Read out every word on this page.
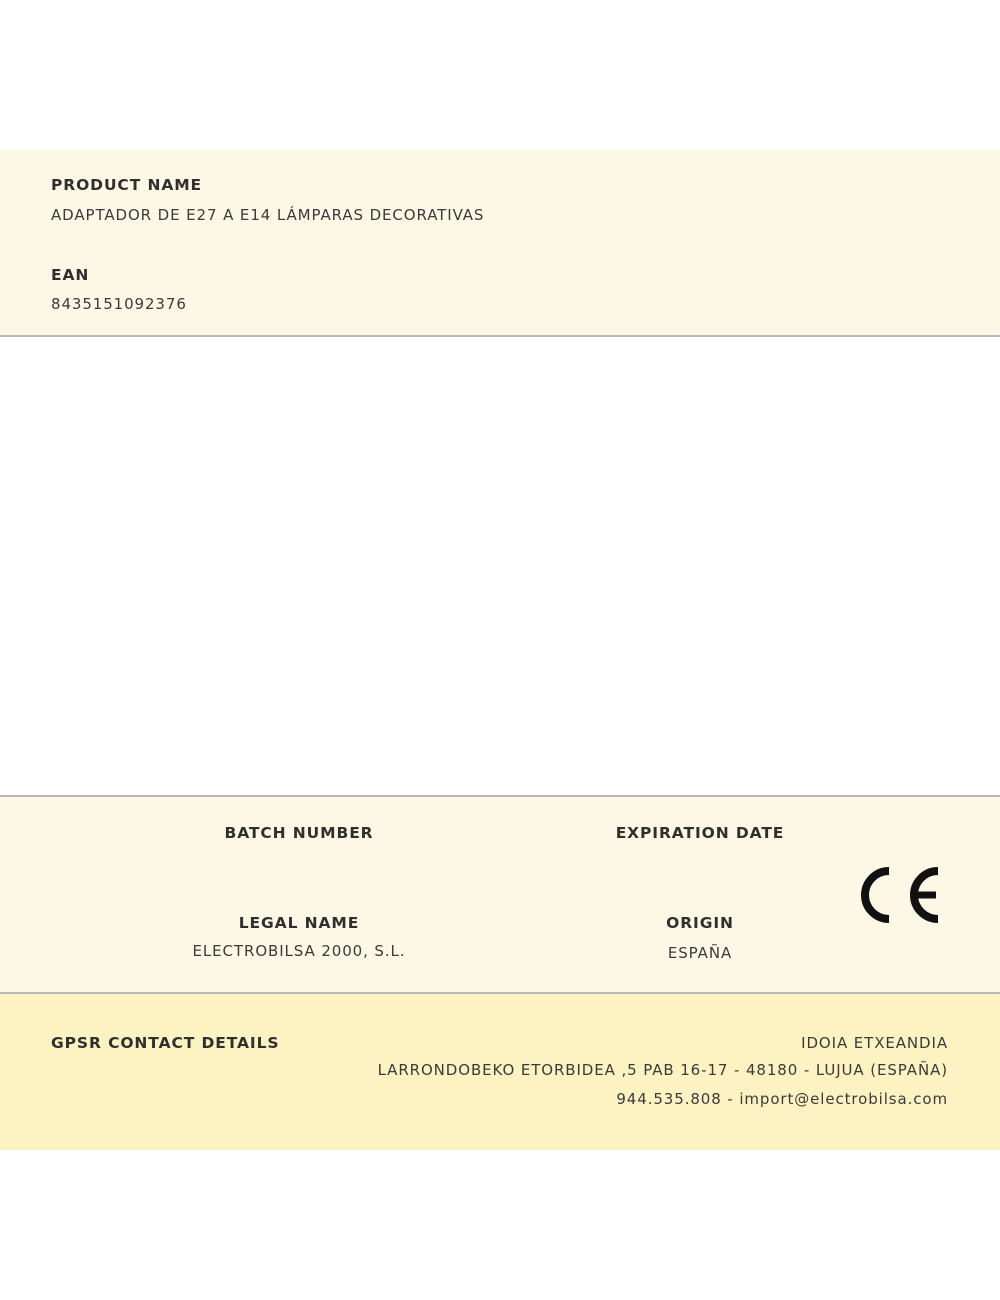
PRODUCT NAME
ADAPTADOR DE E27 A E14 LÁMPARAS DECORATIVAS
EAN
8435151092376
BATCH NUMBER	EXPIRATION DATE
LEGAL NAME
ELECTROBILSA 2000, S.L.
ORIGIN
ESPAÑA
GPSR CONTACT DETAILS	IDOIA ETXEANDIA
LARRONDOBEKO ETORBIDEA ,5 PAB 16-17 - 48180 - LUJUA (ESPAÑA)
944.535.808 - import@electrobilsa.com
